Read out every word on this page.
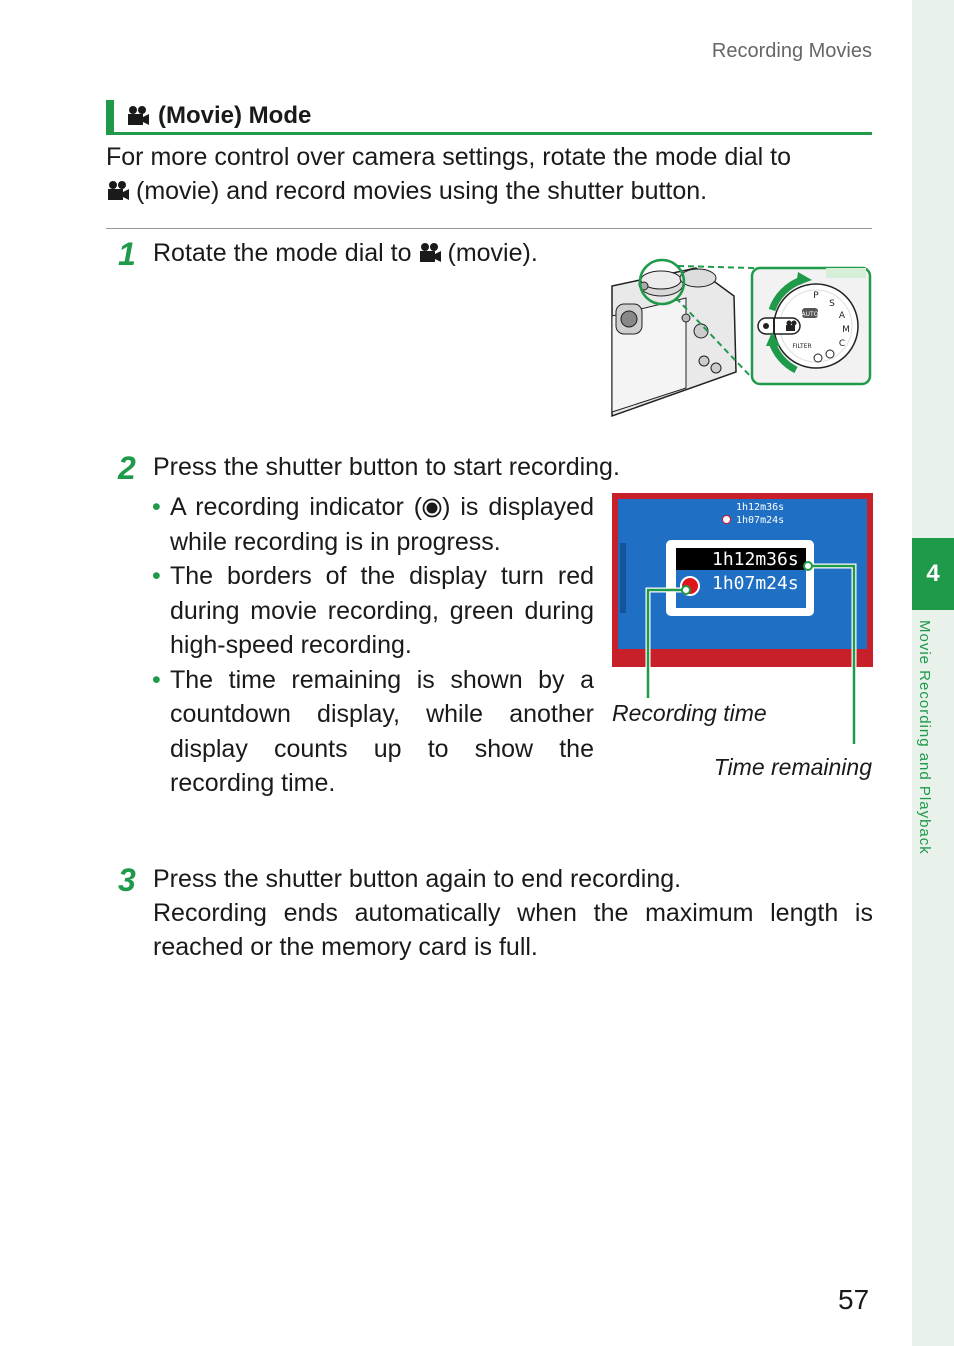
4
Movie Recording and Playback
Recording Movies
(Movie) Mode
For more control over camera settings, rotate the mode dial to
(movie) and record movies using the shutter button.
1 Rotate the mode dial to (movie).
P
S
A
M
C
AUTO
FILTER
2 Press the shutter button to start recording.
• A recording indicator ( ) is displayed while recording is in progress.
• The borders of the display turn red during movie recording, green during high-speed recording.
• The time remaining is shown by a countdown display, while another display counts up to show the recording time.
1h12m36s
1h07m24s
1h12m36s
1h07m24s
Recording time
Time remaining
3 Press the shutter button again to end recording.
Recording ends automatically when the maximum length is reached or the memory card is full.
57
